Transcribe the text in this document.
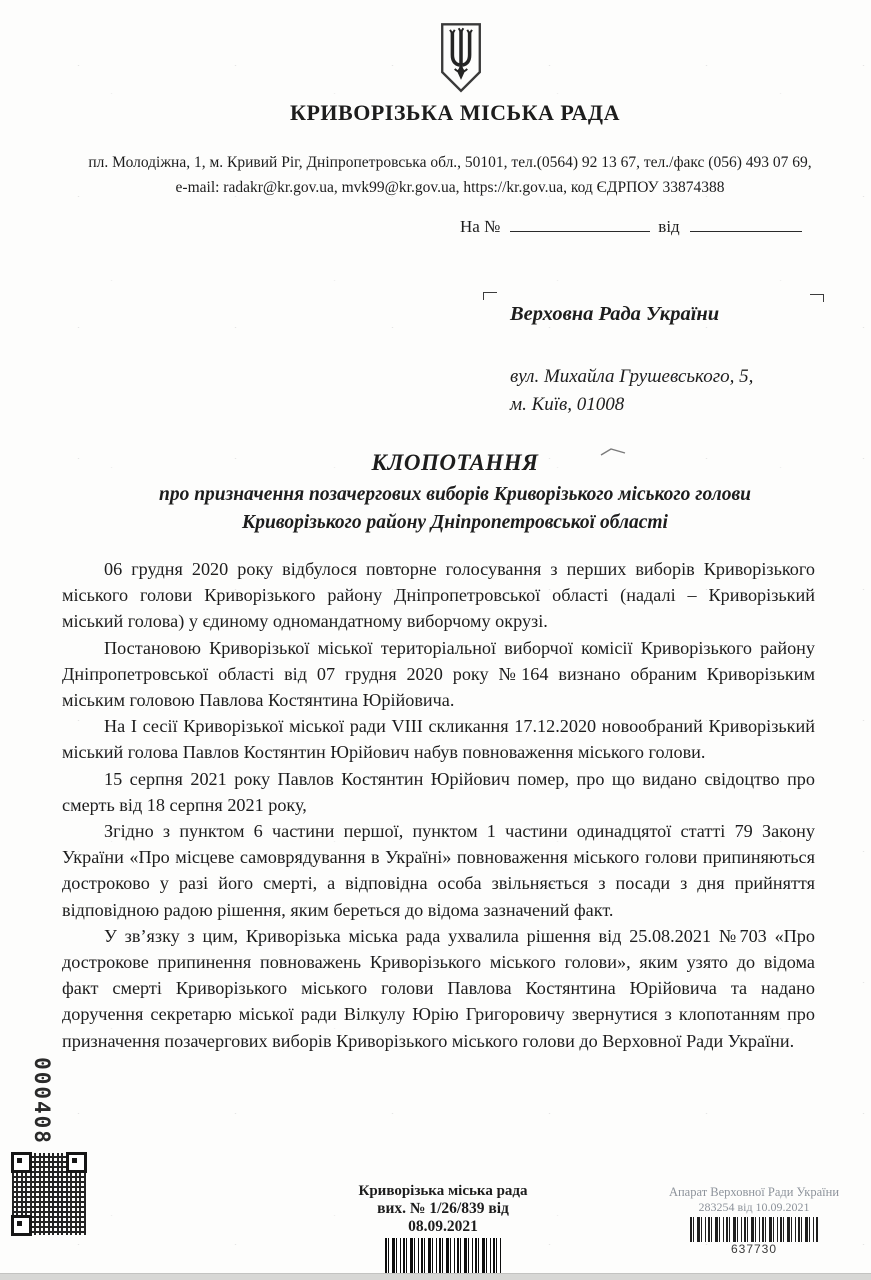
КРИВОРІЗЬКА МІСЬКА РАДА
пл. Молодіжна, 1, м. Кривий Ріг, Дніпропетровська обл., 50101, тел.(0564) 92 13 67, тел./факс (056) 493 07 69,
e-mail: radakr@kr.gov.ua, mvk99@kr.gov.ua, https://kr.gov.ua, код ЄДРПОУ 33874388
На №	від
Верховна Рада України
вул. Михайла Грушевського, 5,
м. Київ, 01008
КЛОПОТАННЯ
про призначення позачергових виборів Криворізького міського голови
Криворізького району Дніпропетровської області

06 грудня 2020 року відбулося повторне голосування з перших виборів Криворізького міського голови Криворізького району Дніпропетровської області (надалі – Криворізький міський голова) у єдиному одномандатному виборчому окрузі.

Постановою Криворізької міської територіальної виборчої комісії Криворізького району Дніпропетровської області від 07 грудня 2020 року №164 визнано обраним Криворізьким міським головою Павлова Костянтина Юрійовича.

На І сесії Криворізької міської ради VIII скликання 17.12.2020 новообраний Криворізький міський голова Павлов Костянтин Юрійович набув повноваження міського голови.

15 серпня 2021 року Павлов Костянтин Юрійович помер, про що видано свідоцтво про смерть від 18 серпня 2021 року,

Згідно з пунктом 6 частини першої, пунктом 1 частини одинадцятої статті 79 Закону України «Про місцеве самоврядування в Україні» повноваження міського голови припиняються достроково у разі його смерті, а відповідна особа звільняється з посади з дня прийняття відповідною радою рішення, яким береться до відома зазначений факт.

У зв’язку з цим, Криворізька міська рада ухвалила рішення від 25.08.2021 №703 «Про дострокове припинення повноважень Криворізького міського голови», яким узято до відома факт смерті Криворізького міського голови Павлова Костянтина Юрійовича та надано доручення секретарю міської ради Вілкулу Юрію Григоровичу звернутися з клопотанням про призначення позачергових виборів Криворізького міського голови до Верховної Ради України.

000408
Криворізька міська рада
вих. № 1/26/839 від 08.09.2021
Апарат Верховної Ради України
283254 від 10.09.2021
637730
